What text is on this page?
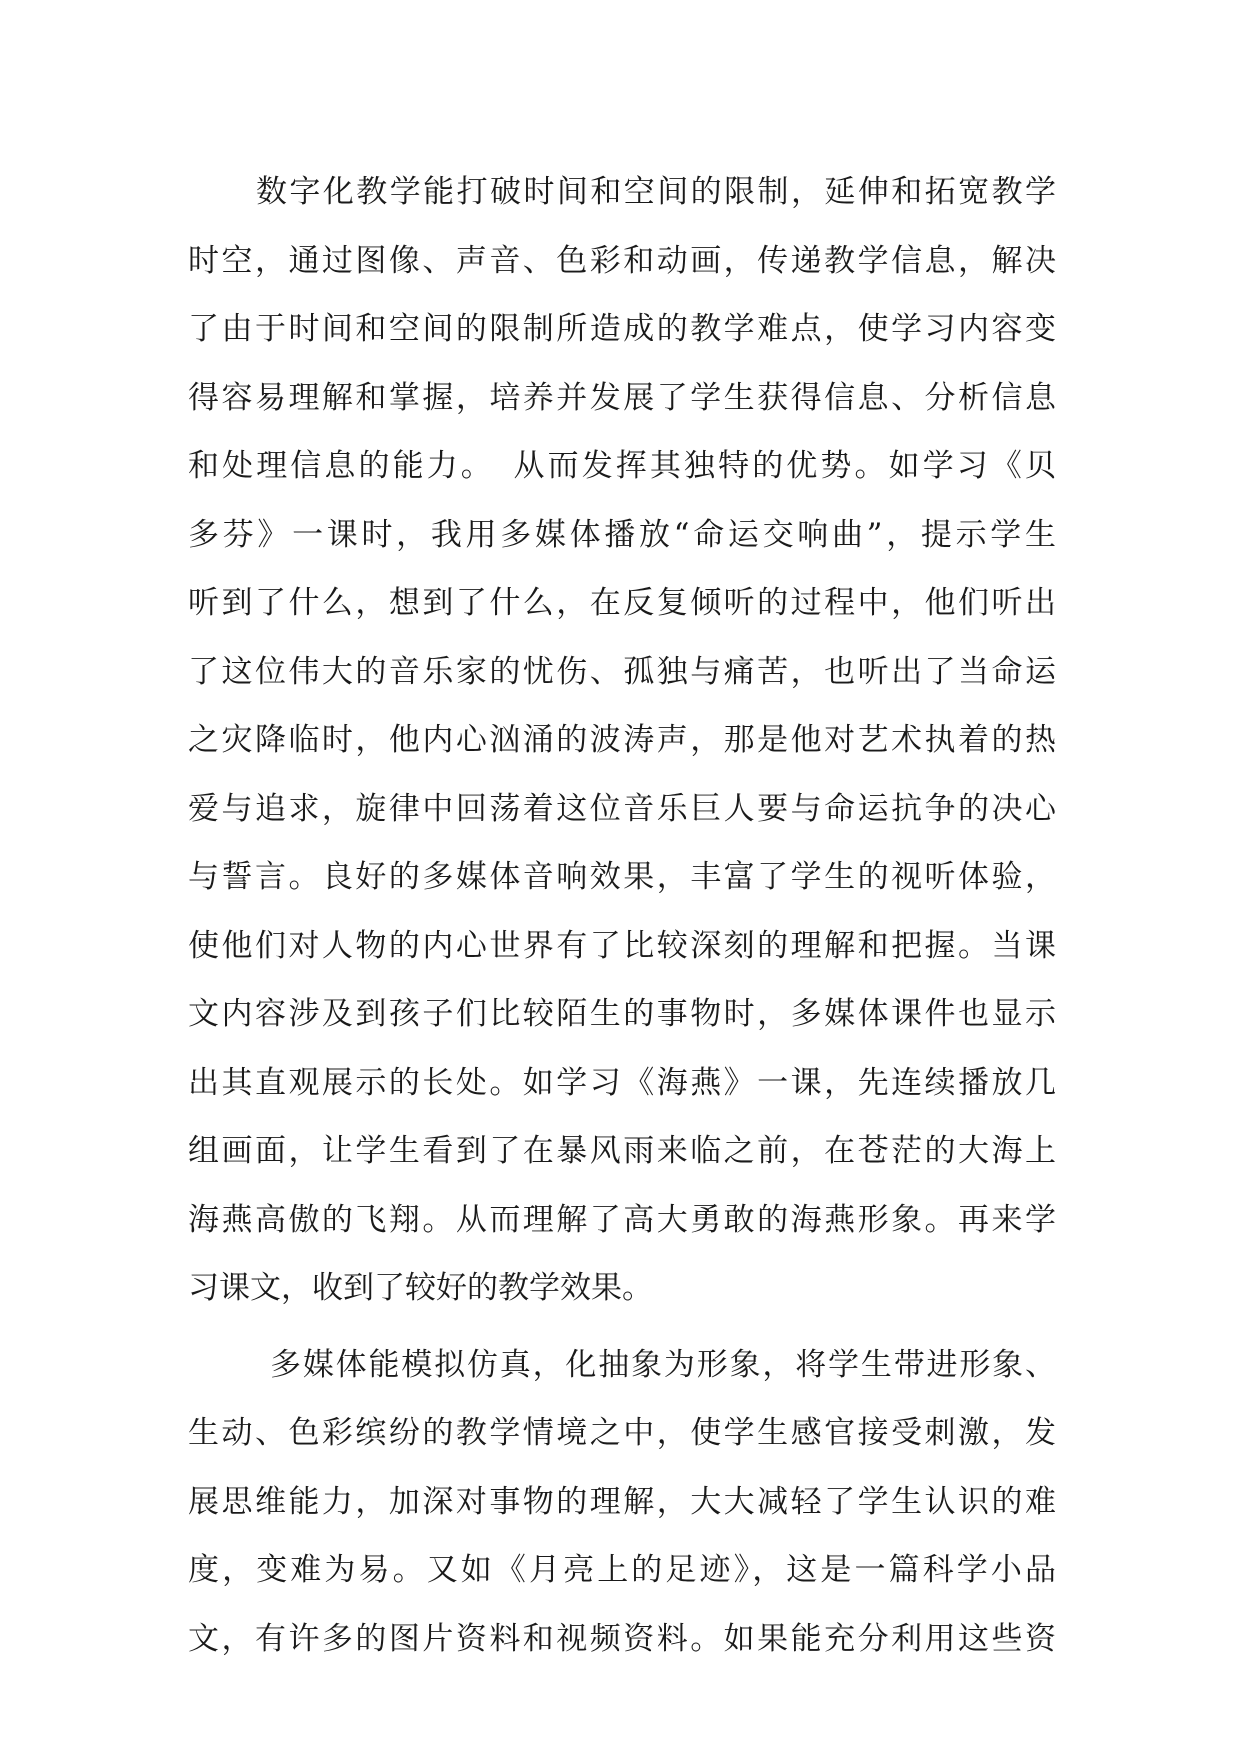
数字化教学能打破时间和空间的限制，延伸和拓宽教学
时空，通过图像、声音、色彩和动画，传递教学信息，解决
了由于时间和空间的限制所造成的教学难点，使学习内容变
得容易理解和掌握，培养并发展了学生获得信息、分析信息
和处理信息的能力。　从而发挥其独特的优势。如学习《贝
多芬》一课时，我用多媒体播放“命运交响曲”，提示学生
听到了什么，想到了什么，在反复倾听的过程中，他们听出
了这位伟大的音乐家的忧伤、孤独与痛苦，也听出了当命运
之灾降临时，他内心汹涌的波涛声，那是他对艺术执着的热
爱与追求，旋律中回荡着这位音乐巨人要与命运抗争的决心
与誓言。良好的多媒体音响效果，丰富了学生的视听体验，
使他们对人物的内心世界有了比较深刻的理解和把握。当课
文内容涉及到孩子们比较陌生的事物时，多媒体课件也显示
出其直观展示的长处。如学习《海燕》一课，先连续播放几
组画面，让学生看到了在暴风雨来临之前，在苍茫的大海上
海燕高傲的飞翔。从而理解了高大勇敢的海燕形象。再来学
习课文，收到了较好的教学效果。
多媒体能模拟仿真，化抽象为形象，将学生带进形象、
生动、色彩缤纷的教学情境之中，使学生感官接受刺激，发
展思维能力，加深对事物的理解，大大减轻了学生认识的难
度，变难为易。又如《月亮上的足迹》，这是一篇科学小品
文，有许多的图片资料和视频资料。如果能充分利用这些资
